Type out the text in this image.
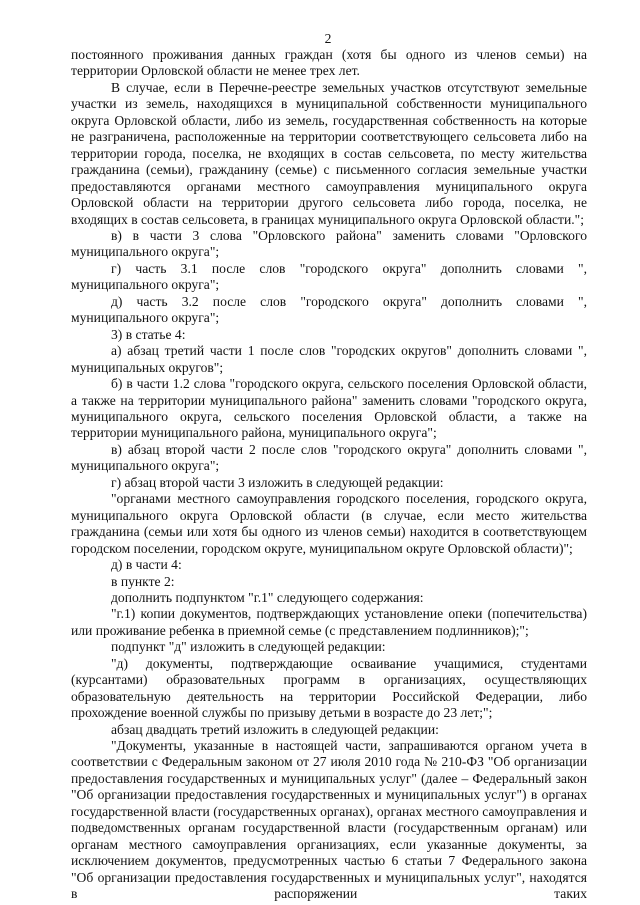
2

постоянного проживания данных граждан (хотя бы одного из членов семьи) на территории Орловской области не менее трех лет.

В случае, если в Перечне-реестре земельных участков отсутствуют земельные участки из земель, находящихся в муниципальной собственности муниципального округа Орловской области, либо из земель, государственная собственность на которые не разграничена, расположенные на территории соответствующего сельсовета либо на территории города, поселка, не входящих в состав сельсовета, по месту жительства гражданина (семьи), гражданину (семье) с письменного согласия земельные участки предоставляются органами местного самоуправления муниципального округа Орловской области на территории другого сельсовета либо города, поселка, не входящих в состав сельсовета, в границах муниципального округа Орловской области.";

в) в части 3 слова "Орловского района" заменить словами "Орловского муниципального округа";

г) часть 3.1 после слов "городского округа" дополнить словами ", муниципального округа";

д) часть 3.2 после слов "городского округа" дополнить словами ", муниципального округа";

3) в статье 4:

а) абзац третий части 1 после слов "городских округов" дополнить словами ", муниципальных округов";

б) в части 1.2 слова "городского округа, сельского поселения Орловской области, а также на территории муниципального района" заменить словами "городского округа, муниципального округа, сельского поселения Орловской области, а также на территории муниципального района, муниципального округа";

в) абзац второй части 2 после слов "городского округа" дополнить словами ", муниципального округа";

г) абзац второй части 3 изложить в следующей редакции:

"органами местного самоуправления городского поселения, городского округа, муниципального округа Орловской области (в случае, если место жительства гражданина (семьи или хотя бы одного из членов семьи) находится в соответствующем городском поселении, городском округе, муниципальном округе Орловской области)";

д) в части 4:

в пункте 2:

дополнить подпунктом "г.1" следующего содержания:

"г.1) копии документов, подтверждающих установление опеки (попечительства) или проживание ребенка в приемной семье (с представлением подлинников);";

подпункт "д" изложить в следующей редакции:

"д) документы, подтверждающие осваивание учащимися, студентами (курсантами) образовательных программ в организациях, осуществляющих образовательную деятельность на территории Российской Федерации, либо прохождение военной службы по призыву детьми в возрасте до 23 лет;";

абзац двадцать третий изложить в следующей редакции:

"Документы, указанные в настоящей части, запрашиваются органом учета в соответствии с Федеральным законом от 27 июля 2010 года № 210-ФЗ "Об организации предоставления государственных и муниципальных услуг" (далее – Федеральный закон "Об организации предоставления государственных и муниципальных услуг") в органах государственной власти (государственных органах), органах местного самоуправления и подведомственных органам государственной власти (государственным органам) или органам местного самоуправления организациях, если указанные документы, за исключением документов, предусмотренных частью 6 статьи 7 Федерального закона "Об организации предоставления государственных и муниципальных услуг", находятся в распоряжении таких
